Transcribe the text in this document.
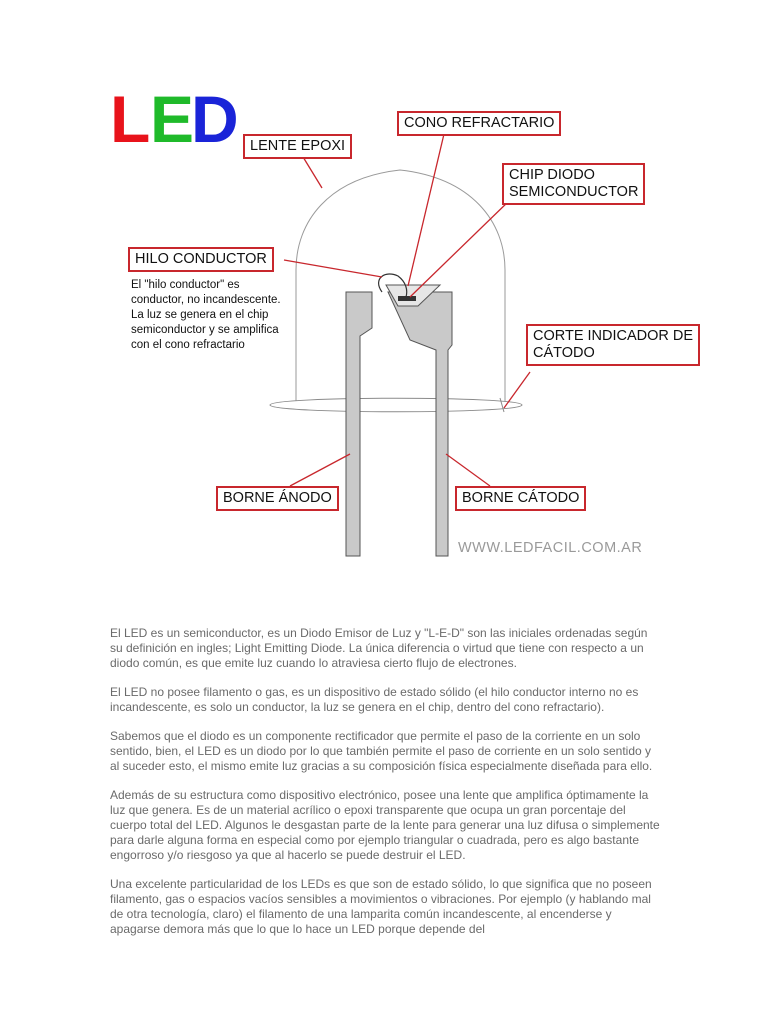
L E
D LENTE EPOXI
CONO REFRACTARIO
CHIP DIODO
SEMICONDUCTOR
HILO CONDUCTOR
El "hilo conductor" es conductor, no incandescente. La luz se genera en el chip semiconductor y se amplifica con el cono refractario
CORTE INDICADOR DE
CÁTODO
BORNE ÁNODO	BORNE CÁTODO
WWW.LEDFACIL.COM.AR

El LED es un semiconductor, es un Diodo Emisor de Luz y "L-E-D" son las iniciales ordenadas según su definición en ingles; Light Emitting Diode. La única diferencia o virtud que tiene con respecto a un diodo común, es que emite luz cuando lo atraviesa cierto flujo de electrones.

El LED no posee filamento o gas, es un dispositivo de estado sólido (el hilo conductor interno no es incandescente, es solo un conductor, la luz se genera en el chip, dentro del cono refractario).

Sabemos que el diodo es un componente rectificador que permite el paso de la corriente en un solo sentido, bien, el LED es un diodo por lo que también permite el paso de corriente en un solo sentido y al suceder esto, el mismo emite luz gracias a su composición física especialmente diseñada para ello.

Además de su estructura como dispositivo electrónico, posee una lente que amplifica óptimamente la luz que genera. Es de un material acrílico o epoxi transparente que ocupa un gran porcentaje del cuerpo total del LED. Algunos le desgastan parte de la lente para generar una luz difusa o simplemente para darle alguna forma en especial como por ejemplo triangular o cuadrada, pero es algo bastante engorroso y/o riesgoso ya que al hacerlo se puede destruir el LED.

Una excelente particularidad de los LEDs es que son de estado sólido, lo que significa que no poseen filamento, gas o espacios vacíos sensibles a movimientos o vibraciones. Por ejemplo (y hablando mal de otra tecnología, claro) el filamento de una lamparita común incandescente, al encenderse y apagarse demora más que lo que lo hace un LED porque depende del
